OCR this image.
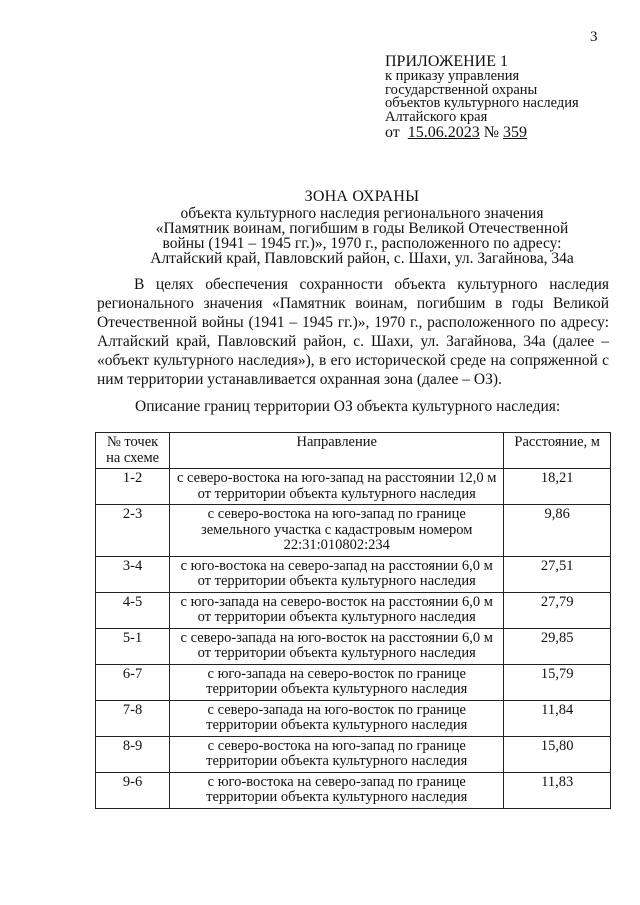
3
ПРИЛОЖЕНИЕ 1
к приказу управления
государственной охраны
объектов культурного наследия
Алтайского края
от 15.06.2023 № 359
ЗОНА ОХРАНЫ
объекта культурного наследия регионального значения
«Памятник воинам, погибшим в годы Великой Отечественной
войны (1941 – 1945 гг.)», 1970 г., расположенного по адресу:
Алтайский край, Павловский район, с. Шахи, ул. Загайнова, 34а

В целях обеспечения сохранности объекта культурного наследия регионального значения «Памятник воинам, погибшим в годы Великой Отечественной войны (1941 – 1945 гг.)», 1970 г., расположенного по адресу: Алтайский край, Павловский район, с. Шахи, ул. Загайнова, 34а (далее – «объект культурного наследия»), в его исторической среде на сопряженной с ним территории устанавливается охранная зона (далее – ОЗ).

Описание границ территории ОЗ объекта культурного наследия:
№ точек на схеме	Направление	Расстояние, м
1-2	с северо-востока на юго-запад на расстоянии 12,0 м от территории объекта культурного наследия	18,21
2-3	с северо-востока на юго-запад по границе земельного участка с кадастровым номером 22:31:010802:234	9,86
3-4	с юго-востока на северо-запад на расстоянии 6,0 м от территории объекта культурного наследия	27,51
4-5	с юго-запада на северо-восток на расстоянии 6,0 м от территории объекта культурного наследия	27,79
5-1	с северо-запада на юго-восток на расстоянии 6,0 м от территории объекта культурного наследия	29,85
6-7	с юго-запада на северо-восток по границе территории объекта культурного наследия	15,79
7-8	с северо-запада на юго-восток по границе территории объекта культурного наследия	11,84
8-9	с северо-востока на юго-запад по границе территории объекта культурного наследия	15,80
9-6	с юго-востока на северо-запад по границе территории объекта культурного наследия	11,83
